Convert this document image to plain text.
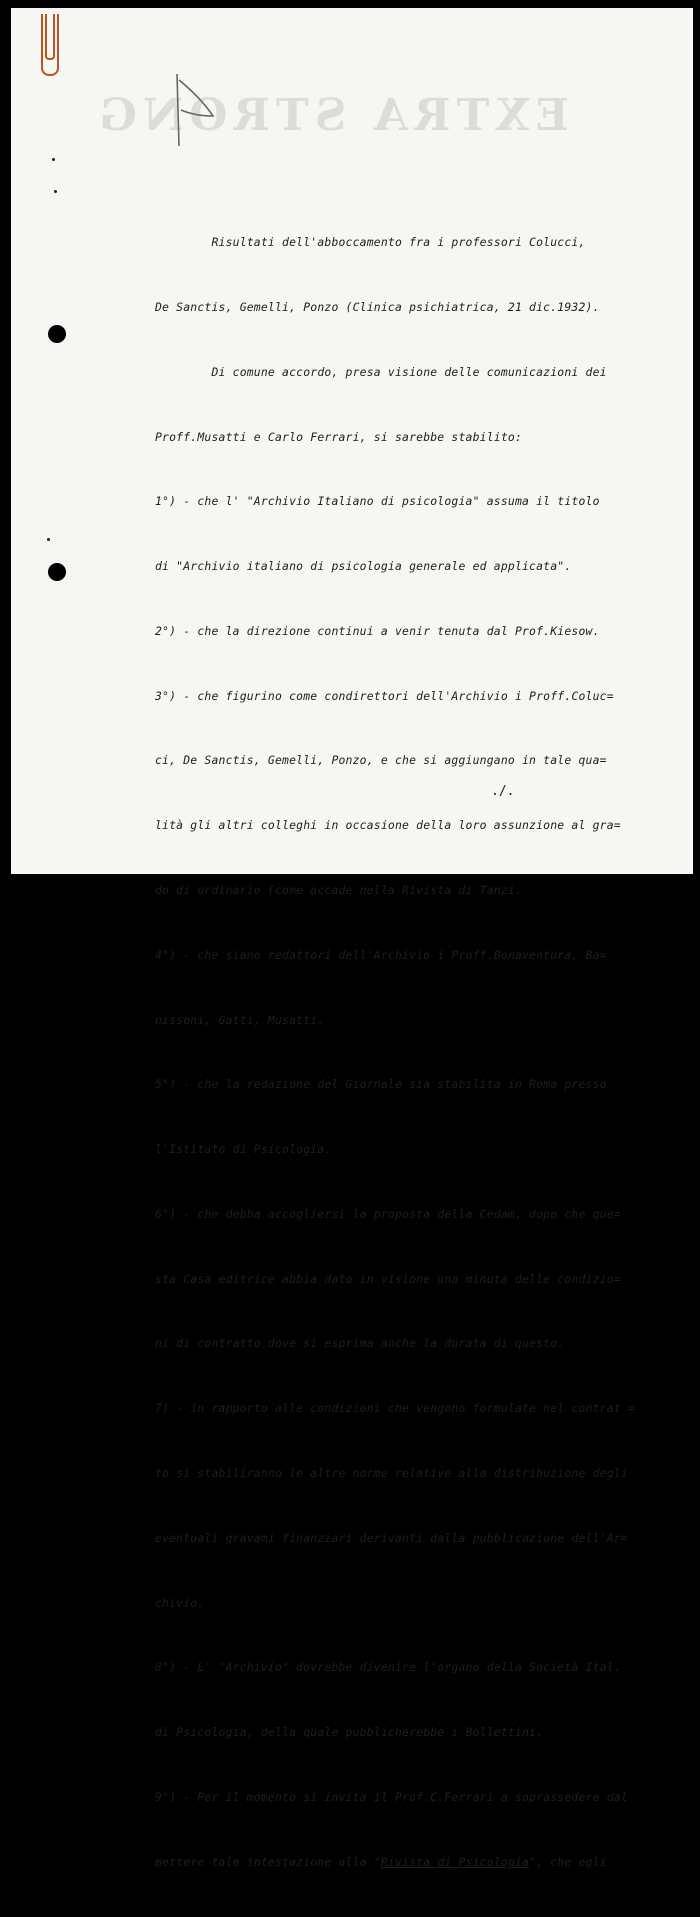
EXTRA STRONG

Risultati dell'abboccamento fra i professori Colucci,

De Sanctis, Gemelli, Ponzo (Clinica psichiatrica, 21 dic.1932).

Di comune accordo, presa visione delle comunicazioni dei

Proff.Musatti e Carlo Ferrari, si sarebbe stabilito:

1°) - che l' "Archivio Italiano di psicologia" assuma il titolo

di "Archivio italiano di psicologia generale ed applicata".

2°) - che la direzione continui a venir tenuta dal Prof.Kiesow.

3°) - che figurino come condirettori dell'Archivio i Proff.Coluc=

ci, De Sanctis, Gemelli, Ponzo, e che si aggiungano in tale qua=

lità gli altri colleghi in occasione della loro assunzione al gra=

do di ordinario (come accade nella Rivista di Tanzi.

4°) - che siano redattori dell'Archivio i Proff.Bonaventura, Ba=

nissoni, Gatti, Musatti.

5°) - che la redazione del Giornale sia stabilita in Roma presso

l'Istituto di Psicologia.

6°) - che debba accogliersi la proposta della Cedam, dopo che que=

sta Casa editrice abbia dato in visione una minuta delle condizio=

ni di contratto dove si esprima anche la durata di questo.

7) - in rapporto alle condizioni che vengono formulate nel contrat =

to si stabiliranno le altre norme relative alla distribuzione degli

eventuali gravami finanziari derivanti dalla pubblicazione dell'Ar=

chivio.

8°) - L' "Archivio" dovrebbe divenire l'organo della Società Ital.

di Psicologia, della quale pubblicherebbe i Bollettini.

9°) - Per il momento si invita il Prof.C.Ferrari a soprassedere dal

mettere tale intestazione alla "Rivista di Psicologia", che egli

./.
